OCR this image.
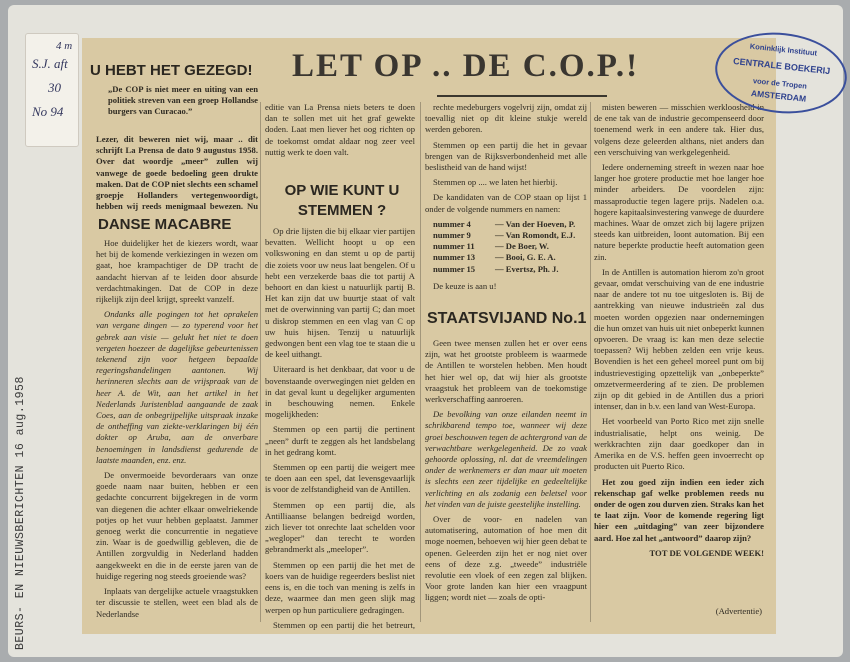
BEURS- EN NIEUWSBERICHTEN 16 aug.1958
4 m
S.J. aft
30
No 94
LET OP .. DE C.O.P.!
U HEBT HET GEZEGD!

„De COP is niet meer en uiting van een politiek streven van een groep Hollandse burgers van Curacao.”

Lezer, dit beweren niet wij, maar .. dit schrijft La Prensa de dato 9 augustus 1958. Over dat woordje „meer” zullen wij vanwege de goede bedoeling geen drukte maken. Dat de COP niet slechts een schamel groepje Hollanders vertegenwoordigt, hebben wij reeds menigmaal bewezen. Nu

DANSE MACABRE

Hoe duidelijker het de kiezers wordt, waar het bij de komende verkiezingen in wezen om gaat, hoe krampachtiger de DP tracht de aandacht hiervan af te leiden door absurde verdachtmakingen. Dat de COP in deze rijkelijk zijn deel krijgt, spreekt vanzelf.

Ondanks alle pogingen tot het oprakelen van vergane dingen — zo typerend voor het gebrek aan visie — gelukt het niet te doen vergeten hoezeer de dagelijkse gebeurtenissen tekenend zijn voor hetgeen bepaalde regeringshandelingen aantonen. Wij herinneren slechts aan de vrijspraak van de heer A. de Wit, aan het artikel in het Nederlands Juristenblad aangaande de zaak Coes, aan de onbegrijpelijke uitspraak inzake de ontheffing van ziekte-verklaringen bij één dokter op Aruba, aan de onverbare benoemingen in landsdienst gedurende de laatste maanden, enz. enz.

De onvermoeide bevorderaars van onze goede naam naar buiten, hebben er een gedachte concurrent bijgekregen in de vorm van diegenen die achter elkaar onwelriekende potjes op het vuur hebben geplaatst. Jammer genoeg werkt die concurrentie in negatieve zin. Waar is de goedwillig gebleven, die de Antillen zorgvuldig in Nederland hadden aangekweekt en die in de eerste jaren van de huidige regering nog steeds groeiende was?

Inplaats van dergelijke actuele vraagstukken ter discussie te stellen, weet een blad als de Nederlandse

editie van La Prensa niets beters te doen dan te sollen met uit het graf gewekte doden. Laat men liever het oog richten op de toekomst omdat aldaar nog zeer veel nuttig werk te doen valt.

OP WIE KUNT U STEMMEN ?

Op drie lijsten die bij elkaar vier partijen bevatten. Wellicht hoopt u op een volkswoning en dan stemt u op de partij die zoiets voor uw neus laat bengelen. Of u hebt een verzekerde baas die tot partij A behoort en dan kiest u natuurlijk partij B. Het kan zijn dat uw buurtje staat of valt met de overwinning van partij C; dan moet u diskrop stemmen en een vlag van C op uw huis hijsen. Tenzij u natuurlijk gedwongen bent een vlag toe te staan die u de keel uithangt.

Uiteraard is het denkbaar, dat voor u de bovenstaande overwegingen niet gelden en in dat geval kunt u degelijker argumenten in beschouwing nemen. Enkele mogelijkheden:

Stemmen op een partij die pertinent „neen” durft te zeggen als het landsbelang in het gedrang komt.

Stemmen op een partij die weigert mee te doen aan een spel, dat levensgevaarlijk is voor de zelfstandigheid van de Antillen.

Stemmen op een partij die, als Antilliaanse belangen bedreigd worden, zich liever tot onrechte laat schelden voor „wegloper” dan terecht te worden gebrandmerkt als „meeloper”.

Stemmen op een partij die het met de koers van de huidige regeerders beslist niet eens is, en die toch van mening is zelfs in deze, waarmee dan men geen slijk mag werpen op hun particuliere gedragingen.

Stemmen op een partij die het betreurt,

rechte medeburgers vogelvrij zijn, omdat zij toevallig niet op dit kleine stukje wereld werden geboren.

Stemmen op een partij die het in gevaar brengen van de Rijksverbondenheid met alle beslistheid van de hand wijst!

Stemmen op .... we laten het hierbij.

De kandidaten van de COP staan op lijst 1 onder de volgende nummers en namen:

nummer 4	— Van der Hoeven, P.
nummer 9	— Van Romondt, E.J.
nummer 11 — De Boer, W.
nummer 13 — Booi, G. E. A.
nummer 15 — Evertsz, Ph. J.

De keuze is aan u!

STAATSVIJAND No.1

Geen twee mensen zullen het er over eens zijn, wat het grootste probleem is waarmede de Antillen te worstelen hebben. Men houdt het hier wel op, dat wij hier als grootste vraagstuk het probleem van de toekomstige werkverschaffing aanroeren.

De bevolking van onze eilanden neemt in schrikbarend tempo toe, wanneer wij deze groei beschouwen tegen de achtergrond van de verwachtbare werkgelegenheid. De zo vaak gehoorde oplossing, nl. dat de vreemdelingen onder de werknemers er dan maar uit moeten is slechts een zeer tijdelijke en gedeeltelijke verlichting en als zodanig een beletsel voor het vinden van de juiste geestelijke instelling.

Over de voor- en nadelen van automatisering, automation of hoe men dit moge noemen, behoeven wij hier geen debat te openen. Geleerden zijn het er nog niet over eens of deze z.g. „tweede” industriële revolutie een vloek of een zegen zal blijken. Voor grote landen kan hier een vraagpunt liggen; wordt niet — zoals de opti-

misten beweren — misschien werkloosheid in de ene tak van de industrie gecompenseerd door toenemend werk in een andere tak. Hier dus, volgens deze geleerden althans, niet anders dan een verschuiving van werkgelegenheid.

Iedere onderneming streeft in wezen naar hoe langer hoe grotere productie met hoe langer hoe minder arbeiders. De voordelen zijn: massaproductie tegen lagere prijs. Nadelen o.a. hogere kapitaalsinvestering vanwege de duurdere machines. Waar de omzet zich bij lagere prijzen steeds kan uitbreiden, loont automation. Bij een nature beperkte productie heeft automation geen zin.

In de Antillen is automation hierom zo'n groot gevaar, omdat verschuiving van de ene industrie naar de andere tot nu toe uitgesloten is. Bij de aantrekking van nieuwe industrieën zal dus moeten worden opgezien naar ondernemingen die hun omzet van huis uit niet onbeperkt kunnen opvoeren. De vraag is: kan men deze selectie toepassen? Wij hebben zelden een vrije keus. Bovendien is het een geheel moreel punt om bij industrievestiging opzettelijk van „onbeperkte” omzetvermeerdering af te zien. De problemen zijn op dit gebied in de Antillen dus a priori intenser, dan in b.v. een land van West-Europa.

Het voorbeeld van Porto Rico met zijn snelle industrialisatie, helpt ons weinig. De werkkrachten zijn daar goedkoper dan in Amerika en de V.S. heffen geen invoerrecht op producten uit Puerto Rico.

Het zou goed zijn indien een ieder zich rekenschap gaf welke problemen reeds nu onder de ogen zou durven zien. Straks kan het te laat zijn. Voor de komende regering ligt hier een „uitdaging” van zeer bijzondere aard. Hoe zal het „antwoord” daarop zijn?

TOT DE VOLGENDE WEEK!

(Advertentie)
Koninklijk Instituut
CENTRALE BOEKERIJ
voor de Tropen
AMSTERDAM
